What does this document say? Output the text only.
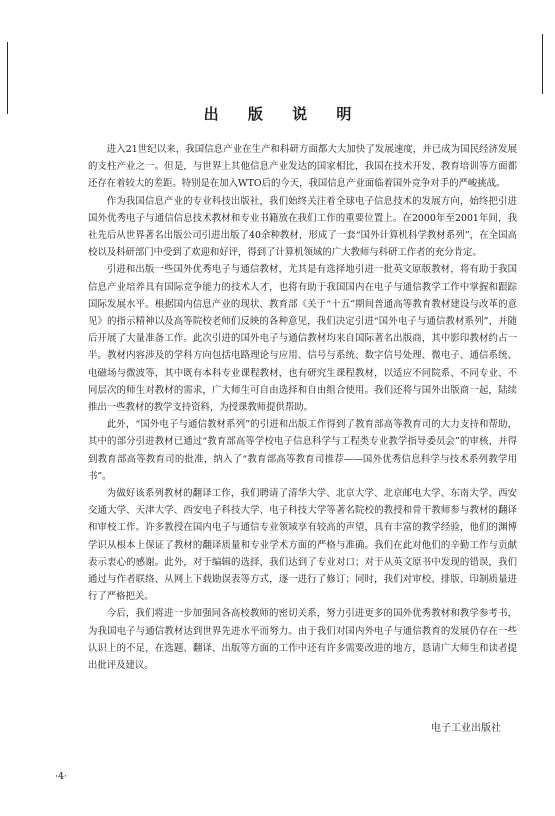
出 版 说 明

进入21世纪以来，我国信息产业在生产和科研方面都大大加快了发展速度，并已成为国民经济发展的支柱产业之一。但是，与世界上其他信息产业发达的国家相比，我国在技术开发、教育培训等方面都还存在着较大的差距。特别是在加入WTO后的今天，我国信息产业面临着国外竞争对手的严峻挑战。

作为我国信息产业的专业科技出版社，我们始终关注着全球电子信息技术的发展方向，始终把引进国外优秀电子与通信信息技术教材和专业书籍放在我们工作的重要位置上。在2000年至2001年间，我社先后从世界著名出版公司引进出版了40余种教材，形成了一套“国外计算机科学教材系列”，在全国高校以及科研部门中受到了欢迎和好评，得到了计算机领域的广大教师与科研工作者的充分肯定。

引进和出版一些国外优秀电子与通信教材，尤其是有选择地引进一批英文原版教材，将有助于我国信息产业培养具有国际竞争能力的技术人才，也将有助于我国国内在电子与通信教学工作中掌握和跟踪国际发展水平。根据国内信息产业的现状、教育部《关于“十五”期间普通高等教育教材建设与改革的意见》的指示精神以及高等院校老师们反映的各种意见，我们决定引进“国外电子与通信教材系列”，并随后开展了大量准备工作。此次引进的国外电子与通信教材均来自国际著名出版商，其中影印教材约占一半。教材内容涉及的学科方向包括电路理论与应用、信号与系统、数字信号处理、微电子、通信系统、电磁场与微波等，其中既有本科专业课程教材，也有研究生课程教材，以适应不同院系、不同专业、不同层次的师生对教材的需求，广大师生可自由选择和自由组合使用。我们还将与国外出版商一起，陆续推出一些教材的教学支持资料，为授课教师提供帮助。

此外，“国外电子与通信教材系列”的引进和出版工作得到了教育部高等教育司的大力支持和帮助，其中的部分引进教材已通过“教育部高等学校电子信息科学与工程类专业教学指导委员会”的审核，并得到教育部高等教育司的批准，纳入了“教育部高等教育司推荐——国外优秀信息科学与技术系列教学用书”。

为做好该系列教材的翻译工作，我们聘请了清华大学、北京大学、北京邮电大学、东南大学、西安交通大学、天津大学、西安电子科技大学、电子科技大学等著名院校的教授和骨干教师参与教材的翻译和审校工作。许多教授在国内电子与通信专业领域享有较高的声望，具有丰富的教学经验，他们的渊博学识从根本上保证了教材的翻译质量和专业学术方面的严格与准确。我们在此对他们的辛勤工作与贡献表示衷心的感谢。此外，对于编辑的选择，我们达到了专业对口；对于从英文原书中发现的错误，我们通过与作者联络、从网上下载勘误表等方式，逐一进行了修订；同时，我们对审校、排版、印制质量进行了严格把关。

今后，我们将进一步加强同各高校教师的密切关系，努力引进更多的国外优秀教材和教学参考书，为我国电子与通信教材达到世界先进水平而努力。由于我们对国内外电子与通信教育的发展仍存在一些认识上的不足，在选题、翻译、出版等方面的工作中还有许多需要改进的地方，恳请广大师生和读者提出批评及建议。

电子工业出版社
·4·
